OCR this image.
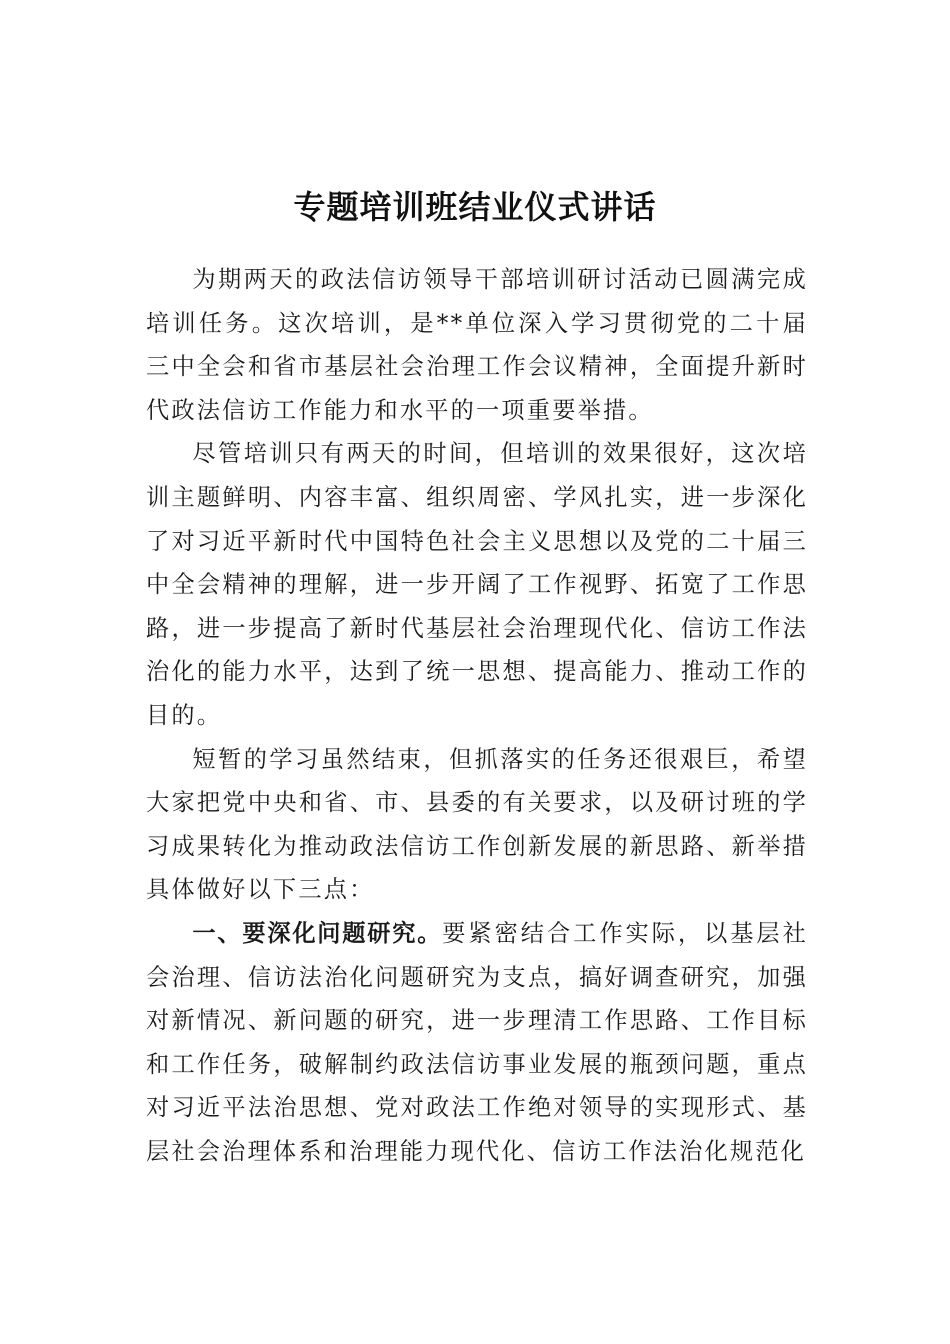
专题培训班结业仪式讲话

为期两天的政法信访领导干部培训研讨活动已圆满完成培训任务。这次培训，是**单位深入学习贯彻党的二十届三中全会和省市基层社会治理工作会议精神，全面提升新时代政法信访工作能力和水平的一项重要举措。

尽管培训只有两天的时间，但培训的效果很好，这次培训主题鲜明、内容丰富、组织周密、学风扎实，进一步深化了对习近平新时代中国特色社会主义思想以及党的二十届三中全会精神的理解，进一步开阔了工作视野、拓宽了工作思路，进一步提高了新时代基层社会治理现代化、信访工作法治化的能力水平，达到了统一思想、提高能力、推动工作的目的。

短暂的学习虽然结束，但抓落实的任务还很艰巨，希望大家把党中央和省、市、县委的有关要求，以及研讨班的学习成果转化为推动政法信访工作创新发展的新思路、新举措具体做好以下三点：

一、要深化问题研究。要紧密结合工作实际，以基层社会治理、信访法治化问题研究为支点，搞好调查研究，加强对新情况、新问题的研究，进一步理清工作思路、工作目标和工作任务，破解制约政法信访事业发展的瓶颈问题，重点对习近平法治思想、党对政法工作绝对领导的实现形式、基层社会治理体系和治理能力现代化、信访工作法治化规范化
